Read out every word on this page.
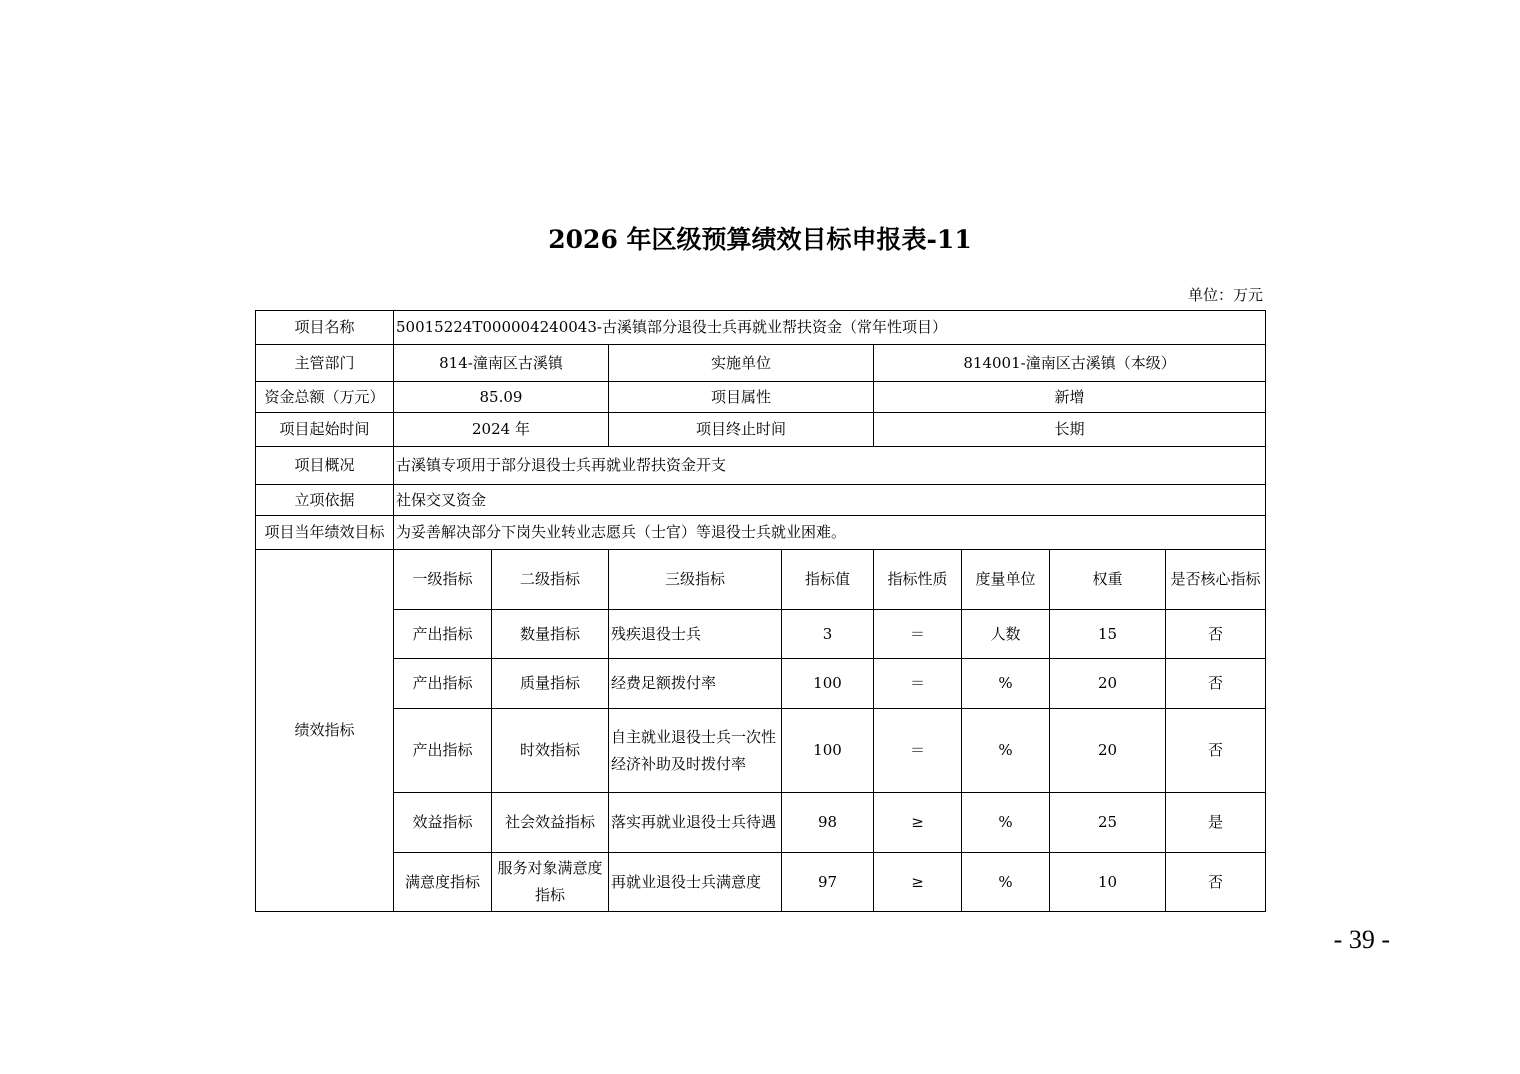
2026 年区级预算绩效目标申报表-11
单位：万元
项目名称	50015224T000004240043-古溪镇部分退役士兵再就业帮扶资金（常年性项目）							
主管部门	814-潼南区古溪镇		实施单位		814001-潼南区古溪镇（本级）			
资金总额（万元）	85.09		项目属性		新增			
项目起始时间	2024 年		项目终止时间		长期			
项目概况	古溪镇专项用于部分退役士兵再就业帮扶资金开支							
立项依据	社保交叉资金							
项目当年绩效目标	为妥善解决部分下岗失业转业志愿兵（士官）等退役士兵就业困难。							
绩效指标	一级指标	二级指标	三级指标	指标值	指标性质	度量单位	权重	是否核心指标
	产出指标	数量指标	残疾退役士兵	3	＝	人数	15	否
	产出指标	质量指标	经费足额拨付率	100	＝	%	20	否
	产出指标	时效指标	自主就业退役士兵一次性经济补助及时拨付率	100	＝	%	20	否
	效益指标	社会效益指标	落实再就业退役士兵待遇	98	≥	%	25	是
	满意度指标	服务对象满意度指标	再就业退役士兵满意度	97	≥	%	10	否
- 39 -
